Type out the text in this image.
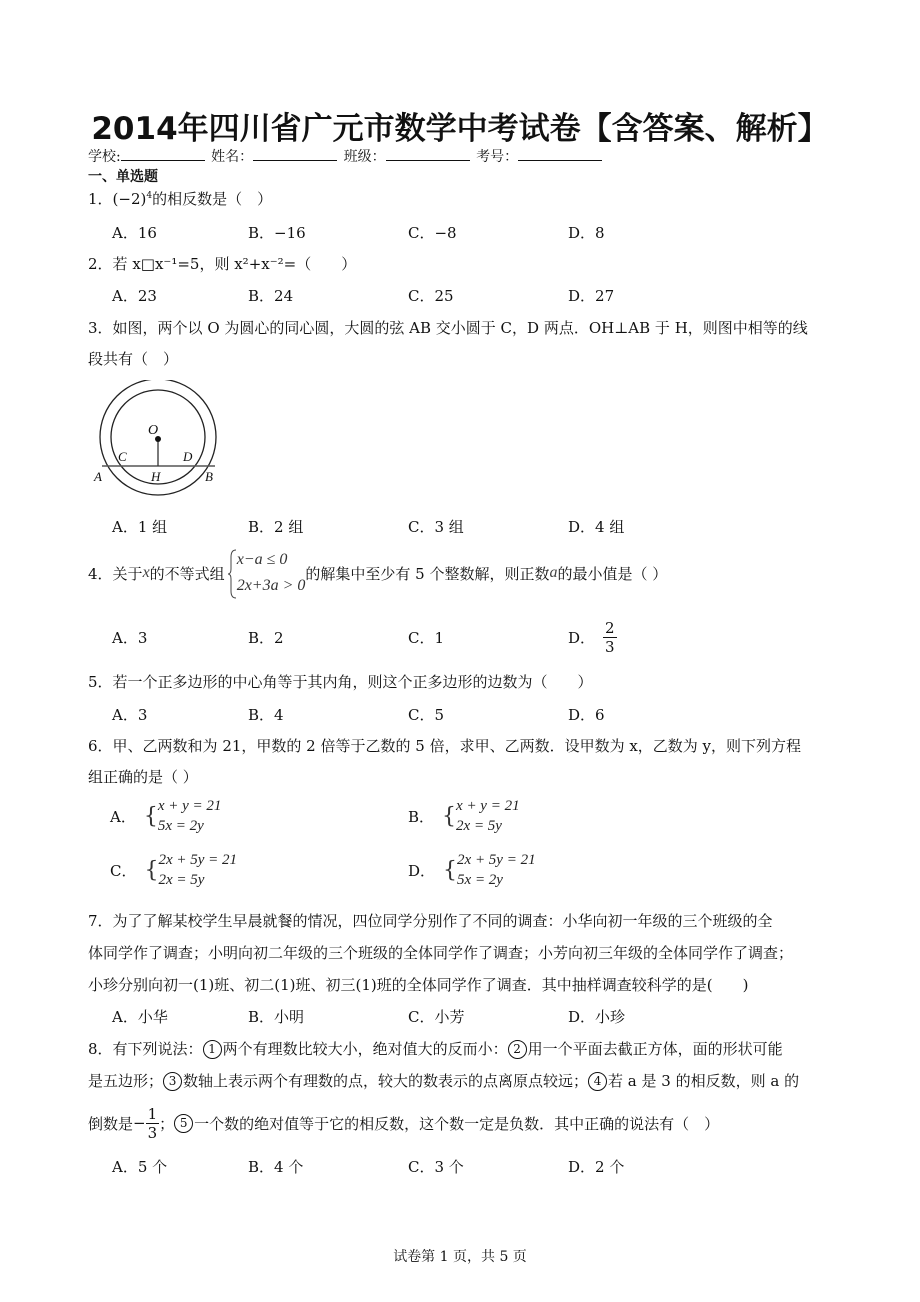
2014年四川省广元市数学中考试卷【含答案、解析】
学校:	姓名：	班级：	考号：
一、单选题
1．$(-2)^4$的相反数是（　）
A．16	B．−16	C．−8	D．8
2．若 x□x⁻¹=5，则 x²+x⁻²=（　　）
A．23	B．24	C．25	D．27
3．如图，两个以 O 为圆心的同心圆，大圆的弦 AB 交小圆于 C，D 两点．OH⊥AB 于 H，则图中相等的线
段共有（　）
O
C	D
A	H	B
A．1 组	B．2 组	C．3 组	D．4 组
4． 关于 x 的不等式组
x−a ≤ 0
2x+3a > 0
的解集中至少有 5 个整数解，则正数 a 的最小值是（ ）
A．3	B．2	C．1	D． $\frac{2}{3}$
5．若一个正多边形的中心角等于其内角，则这个正多边形的边数为（　　）
A．3	B．4	C．5	D．6
6．甲、乙两数和为 21，甲数的 2 倍等于乙数的 5 倍，求甲、乙两数．设甲数为 x，乙数为 y，则下列方程
组正确的是（ ）
A． { x + y = 21
5x = 2y
B． { x + y = 21
2x = 5y
C． { 2x + 5y = 21
2x = 5y
D． { 2x + 5y = 21
5x = 2y
7．为了了解某校学生早晨就餐的情况，四位同学分别作了不同的调查：小华向初一年级的三个班级的全
体同学作了调查；小明向初二年级的三个班级的全体同学作了调查；小芳向初三年级的全体同学作了调查；
小珍分别向初一(1)班、初二(1)班、初三(1)班的全体同学作了调查．其中抽样调查较科学的是(　　)
A．小华	B．小明	C．小芳	D．小珍
8．有下列说法： 1 两个有理数比较大小，绝对值大的反而小： 2 用一个平面去截正方体，面的形状可能
是五边形； 3 数轴上表示两个有理数的点，较大的数表示的点离原点较远； 4 若 a 是 3 的相反数，则 a 的
倒数是 − $\frac{1}{3}$ ； 5 一个数的绝对值等于它的相反数，这个数一定是负数．其中正确的说法有（　）
A．5 个	B．4 个	C．3 个	D．2 个
试卷第 1 页，共 5 页
